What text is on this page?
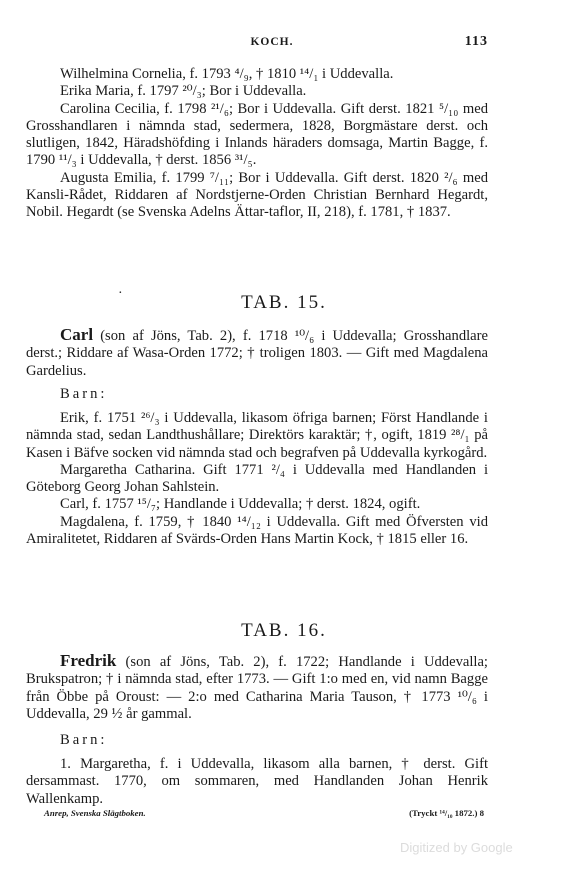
KOCH.	113

Wilhelmina Cornelia, f. 1793 ⁴/₉, † 1810 ¹⁴/₁ i Uddevalla.

Erika Maria, f. 1797 ²⁰/₃; Bor i Uddevalla.

Carolina Cecilia, f. 1798 ²¹/₆; Bor i Uddevalla. Gift derst. 1821 ⁵/₁₀ med Grosshandlaren i nämnda stad, sedermera, 1828, Borgmästare derst. och slutligen, 1842, Häradshöfding i Inlands häraders domsaga, Martin Bagge, f. 1790 ¹¹/₃ i Uddevalla, † derst. 1856 ³¹/₅.

Augusta Emilia, f. 1799 ⁷/₁₁; Bor i Uddevalla. Gift derst. 1820 ²/₆ med Kansli-Rådet, Riddaren af Nordstjerne-Orden Christian Bernhard Hegardt, Nobil. Hegardt (se Svenska Adelns Ättar-taflor, II, 218), f. 1781, † 1837.

·	TAB. 15.

Carl (son af Jöns, Tab. 2), f. 1718 ¹⁰/₆ i Uddevalla; Grosshandlare derst.; Riddare af Wasa-Orden 1772; † troligen 1803. — Gift med Magdalena Gardelius.

Barn:

Erik, f. 1751 ²⁶/₃ i Uddevalla, likasom öfriga barnen; Först Handlande i nämnda stad, sedan Landthushållare; Direktörs karaktär; †, ogift, 1819 ²⁸/₁ på Kasen i Bäfve socken vid nämnda stad och begrafven på Uddevalla kyrkogård.

Margaretha Catharina. Gift 1771 ²/₄ i Uddevalla med Handlanden i Göteborg Georg Johan Sahlstein.

Carl, f. 1757 ¹⁵/₇; Handlande i Uddevalla; † derst. 1824, ogift.

Magdalena, f. 1759, † 1840 ¹⁴/₁₂ i Uddevalla. Gift med Öfversten vid Amiralitetet, Riddaren af Svärds-Orden Hans Martin Kock, † 1815 eller 16.

TAB. 16.

Fredrik (son af Jöns, Tab. 2), f. 1722; Handlande i Uddevalla; Brukspatron; † i nämnda stad, efter 1773. — Gift 1:o med en, vid namn Bagge från Öbbe på Oroust: — 2:o med Catharina Maria Tauson, † 1773 ¹⁰/₆ i Uddevalla, 29 ½ år gammal.

Barn:

1. Margaretha, f. i Uddevalla, likasom alla barnen, † derst. Gift dersammast. 1770, om sommaren, med Handlanden Johan Henrik Wallenkamp.

Anrep, Svenska Slägtboken.	(Tryckt ¹⁴/₁₀ 1872.) 8
Digitized by Google
